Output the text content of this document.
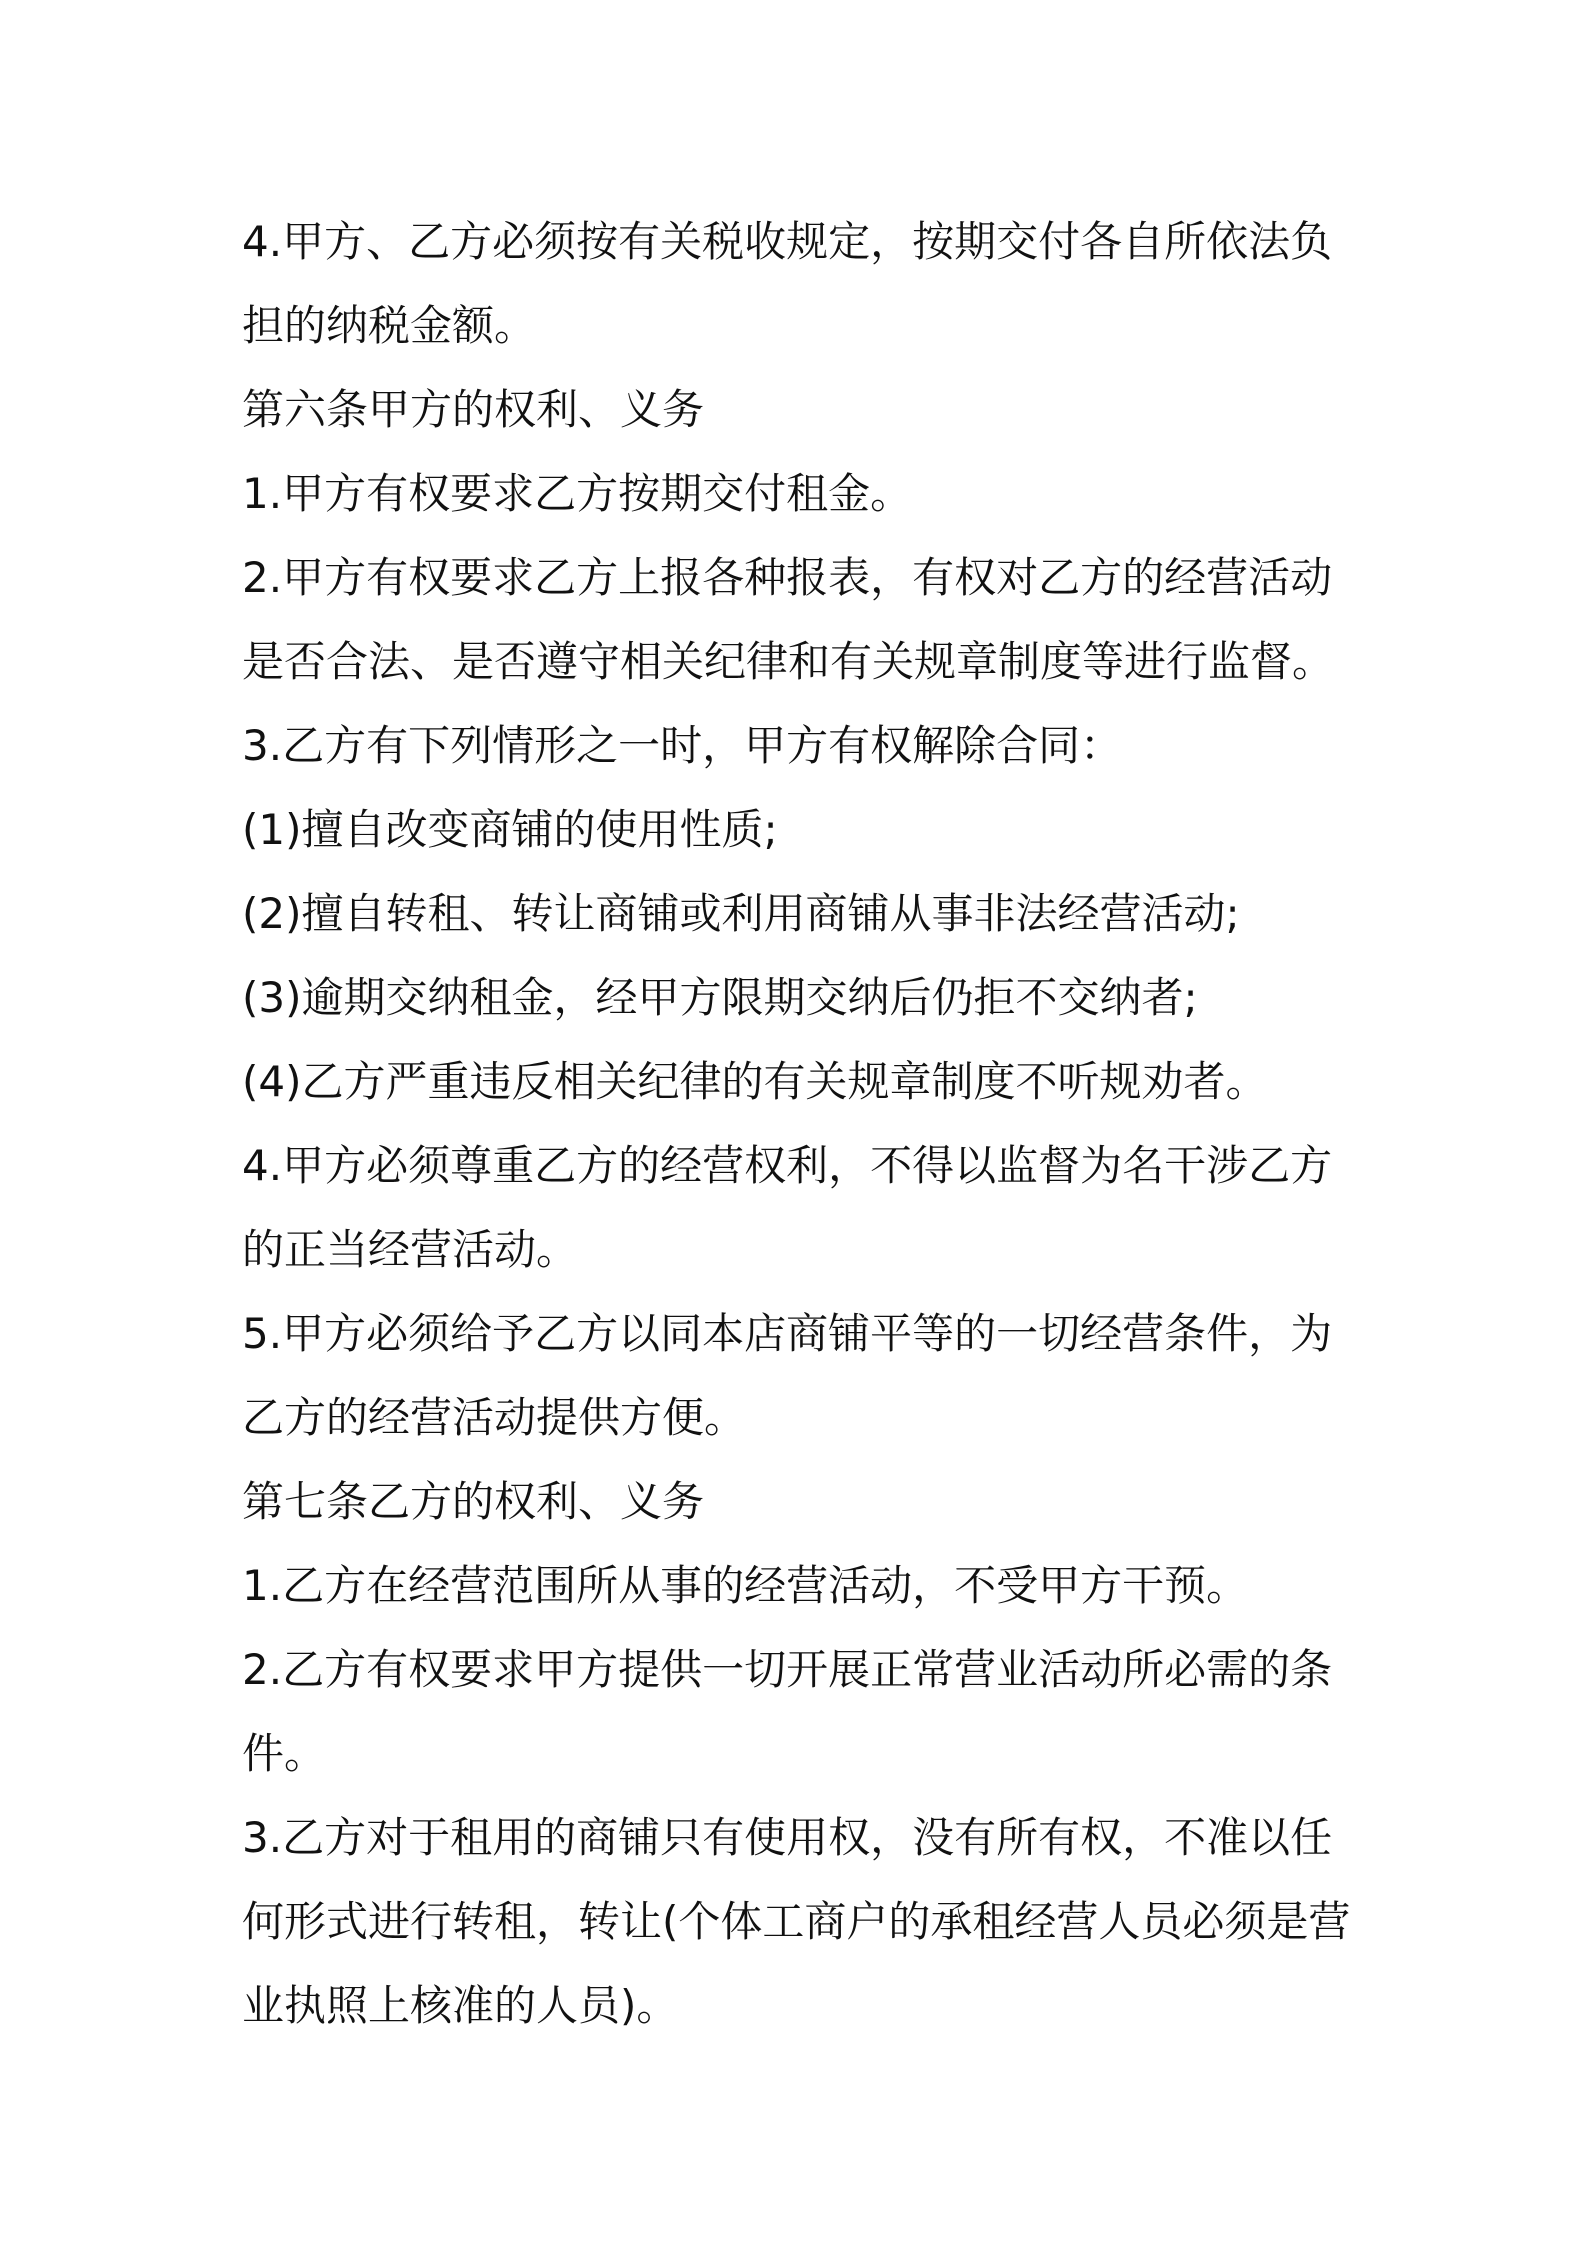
4.甲方、乙方必须按有关税收规定，按期交付各自所依法负担的纳税金额。

第六条甲方的权利、义务

1.甲方有权要求乙方按期交付租金。

2.甲方有权要求乙方上报各种报表，有权对乙方的经营活动是否合法、是否遵守相关纪律和有关规章制度等进行监督。

3.乙方有下列情形之一时，甲方有权解除合同：

(1)擅自改变商铺的使用性质;

(2)擅自转租、转让商铺或利用商铺从事非法经营活动;

(3)逾期交纳租金，经甲方限期交纳后仍拒不交纳者;

(4)乙方严重违反相关纪律的有关规章制度不听规劝者。

4.甲方必须尊重乙方的经营权利，不得以监督为名干涉乙方的正当经营活动。

5.甲方必须给予乙方以同本店商铺平等的一切经营条件，为乙方的经营活动提供方便。

第七条乙方的权利、义务

1.乙方在经营范围所从事的经营活动，不受甲方干预。

2.乙方有权要求甲方提供一切开展正常营业活动所必需的条件。

3.乙方对于租用的商铺只有使用权，没有所有权，不准以任何形式进行转租，转让(个体工商户的承租经营人员必须是营业执照上核准的人员)。
